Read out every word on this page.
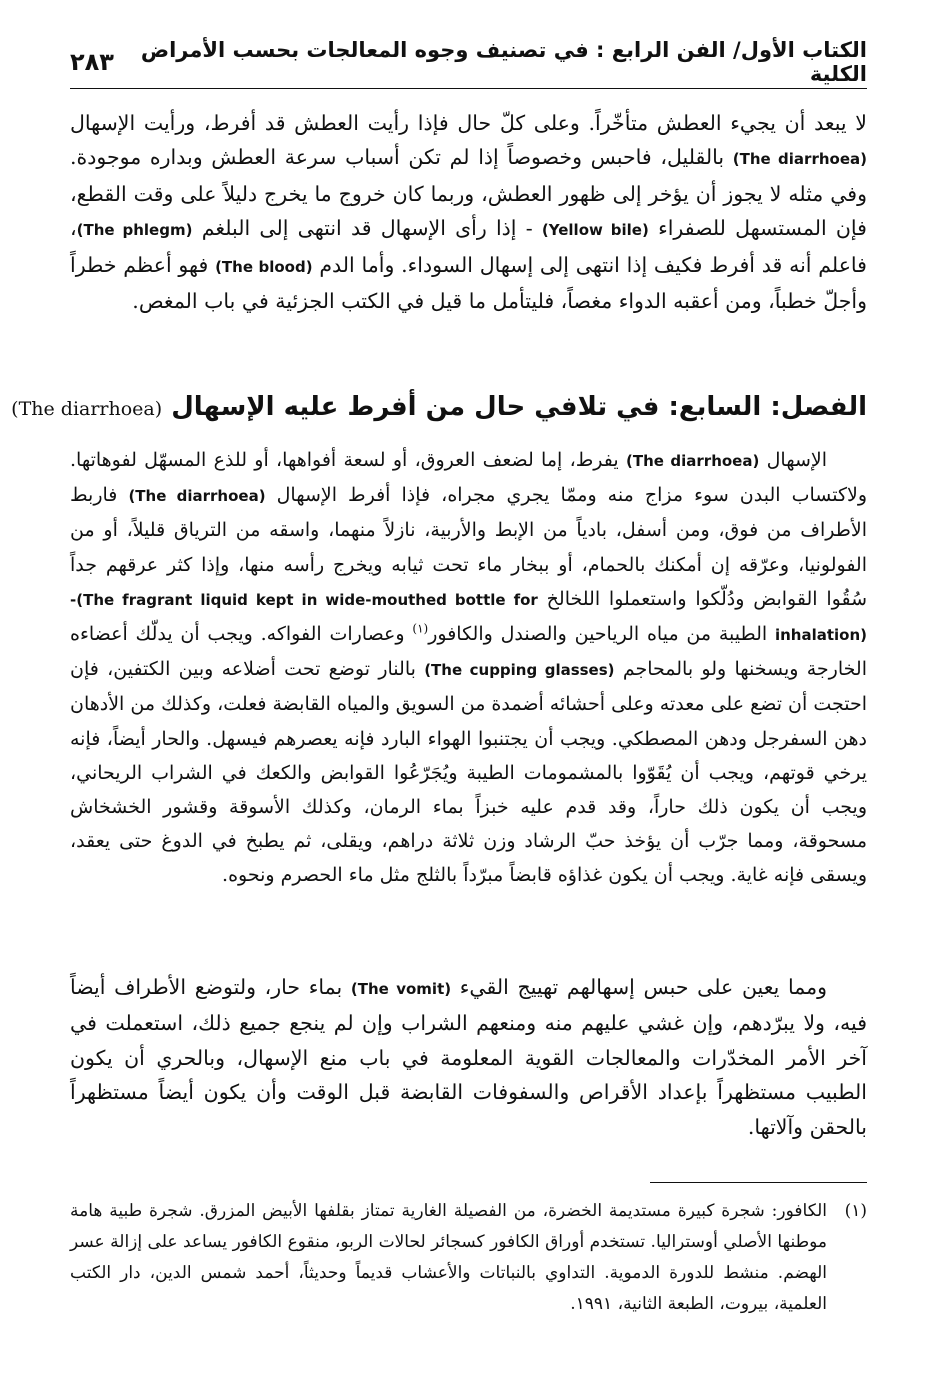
الكتاب الأول/ الفن الرابع : في تصنيف وجوه المعالجات بحسب الأمراض الكلية
٢٨٣

لا يبعد أن يجيء العطش متأخّراً. وعلى كلّ حال فإذا رأيت العطش قد أفرط، ورأيت الإسهال (The diarrhoea) بالقليل، فاحبس وخصوصاً إذا لم تكن أسباب سرعة العطش وبداره موجودة. وفي مثله لا يجوز أن يؤخر إلى ظهور العطش، وربما كان خروج ما يخرج دليلاً على وقت القطع، فإن المستسهل للصفراء (Yellow bile) - إذا رأى الإسهال قد انتهى إلى البلغم (The phlegm)، فاعلم أنه قد أفرط فكيف إذا انتهى إلى إسهال السوداء. وأما الدم (The blood) فهو أعظم خطراً وأجلّ خطباً، ومن أعقبه الدواء مغصاً، فليتأمل ما قيل في الكتب الجزئية في باب المغص.

الفصل: السابع: في تلافي حال من أفرط عليه الإسهال (The diarrhoea)

الإسهال (The diarrhoea) يفرط، إما لضعف العروق، أو لسعة أفواهها، أو للذع المسهّل لفوهاتها. ولاكتساب البدن سوء مزاج منه وممّا يجري مجراه، فإذا أفرط الإسهال (The diarrhoea) فاربط الأطراف من فوق، ومن أسفل، بادياً من الإبط والأربية، نازلاً منهما، واسقه من الترياق قليلاً، أو من الفولونيا، وعرّقه إن أمكنك بالحمام، أو ببخار ماء تحت ثيابه ويخرج رأسه منها، وإذا كثر عرقهم جداً سُقُوا القوابض ودُلّكوا واستعملوا اللخالخ -(The fragrant liquid kept in wide-mouthed bottle for inhalation) الطيبة من مياه الرياحين والصندل والكافور$^{(١)}$ وعصارات الفواكه. ويجب أن يدلّك أعضاءه الخارجة ويسخنها ولو بالمحاجم (The cupping glasses) بالنار توضع تحت أضلاعه وبين الكتفين، فإن احتجت أن تضع على معدته وعلى أحشائه أضمدة من السويق والمياه القابضة فعلت، وكذلك من الأدهان دهن السفرجل ودهن المصطكي. ويجب أن يجتنبوا الهواء البارد فإنه يعصرهم فيسهل. والحار أيضاً، فإنه يرخي قوتهم، ويجب أن يُقَوّوا بالمشمومات الطيبة ويُجَرّعُوا القوابض والكعك في الشراب الريحاني، ويجب أن يكون ذلك حاراً، وقد قدم عليه خبزاً بماء الرمان، وكذلك الأسوقة وقشور الخشخاش مسحوقة، ومما جرّب أن يؤخذ حبّ الرشاد وزن ثلاثة دراهم، ويقلى، ثم يطبخ في الدوغ حتى يعقد، ويسقى فإنه غاية. ويجب أن يكون غذاؤه قابضاً مبرّداً بالثلج مثل ماء الحصرم ونحوه.

ومما يعين على حبس إسهالهم تهييج القيء (The vomit) بماء حار، ولتوضع الأطراف أيضاً فيه، ولا يبرّدهم، وإن غشي عليهم منه ومنعهم الشراب وإن لم ينجع جميع ذلك، استعملت في آخر الأمر المخدّرات والمعالجات القوية المعلومة في باب منع الإسهال، وبالحري أن يكون الطبيب مستظهراً بإعداد الأقراص والسفوفات القابضة قبل الوقت وأن يكون أيضاً مستظهراً بالحقن وآلاتها.

(١)
الكافور: شجرة كبيرة مستديمة الخضرة، من الفصيلة الغارية تمتاز بقلفها الأبيض المزرق. شجرة طبية هامة موطنها الأصلي أوستراليا. تستخدم أوراق الكافور كسجائر لحالات الربو، منقوع الكافور يساعد على إزالة عسر الهضم. منشط للدورة الدموية. التداوي بالنباتات والأعشاب قديماً وحديثاً، أحمد شمس الدين، دار الكتب العلمية، بيروت، الطبعة الثانية، ١٩٩١.
